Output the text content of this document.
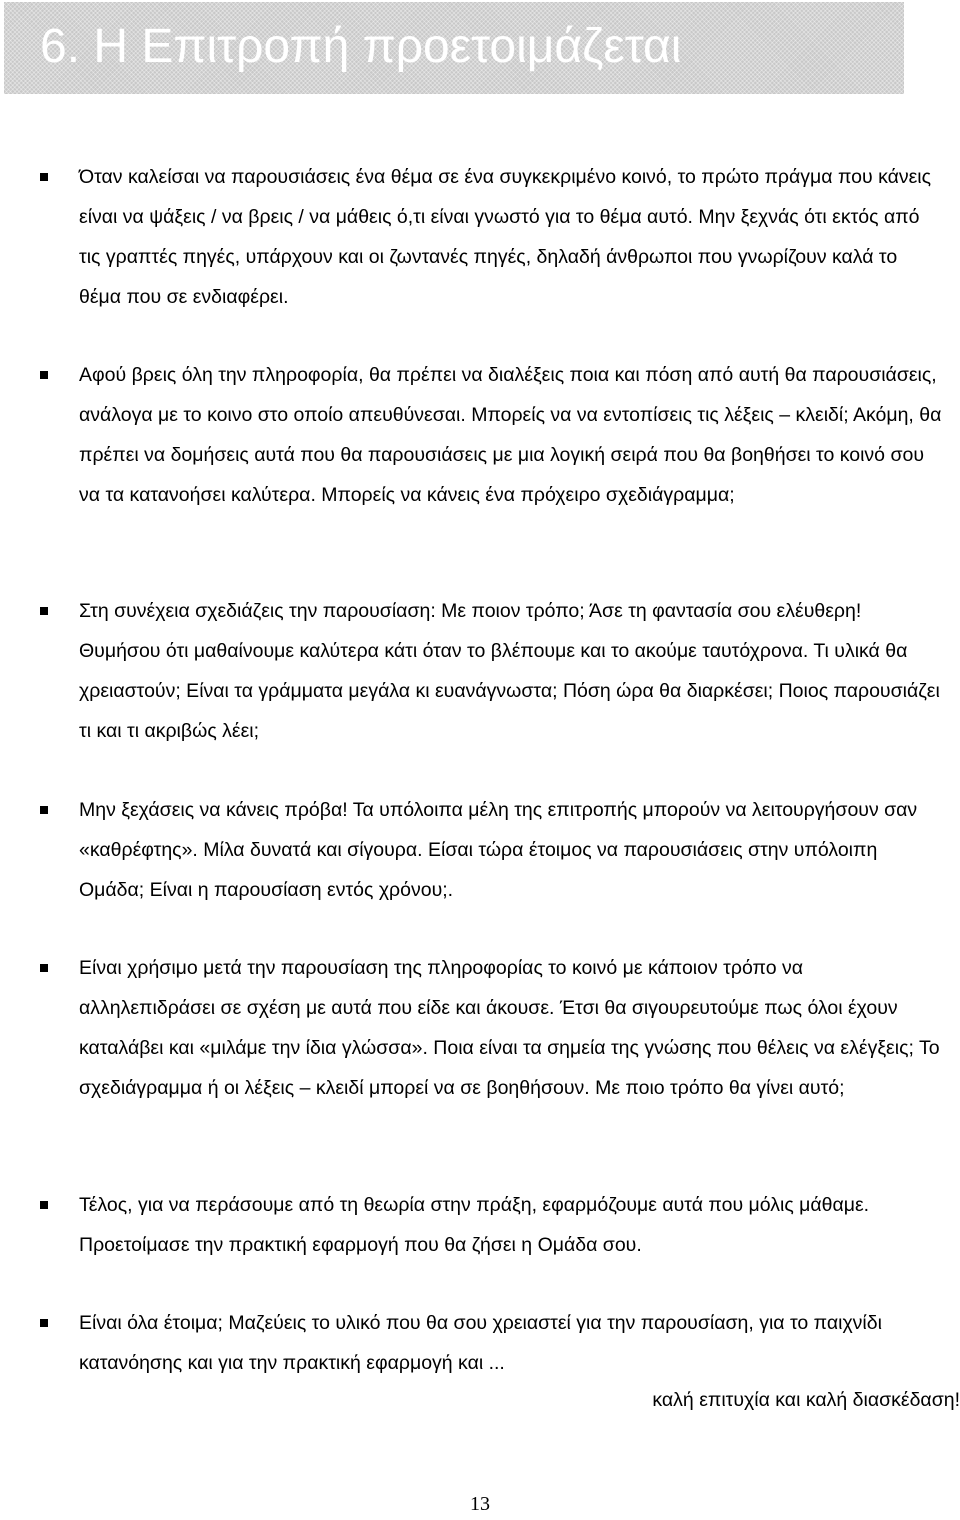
6. Η Επιτροπή προετοιμάζεται
Όταν καλείσαι να παρουσιάσεις ένα θέμα σε ένα συγκεκριμένο κοινό, το πρώτο πράγμα που κάνεις είναι να ψάξεις / να βρεις / να μάθεις ό,τι είναι γνωστό για το θέμα αυτό. Μην ξεχνάς ότι εκτός από τις γραπτές πηγές, υπάρχουν και οι ζωντανές πηγές, δηλαδή άνθρωποι που γνωρίζουν καλά το θέμα που σε ενδιαφέρει.
Αφού βρεις όλη την πληροφορία, θα πρέπει να διαλέξεις ποια και πόση από αυτή θα παρουσιάσεις, ανάλογα με το κοινο στο οποίο απευθύνεσαι. Μπορείς να να εντοπίσεις τις λέξεις – κλειδί; Ακόμη, θα πρέπει να δομήσεις αυτά που θα παρουσιάσεις με μια λογική σειρά που θα βοηθήσει το κοινό σου να τα κατανοήσει καλύτερα. Μπορείς να κάνεις ένα πρόχειρο σχεδιάγραμμα;
Στη συνέχεια σχεδιάζεις την παρουσίαση: Με ποιον τρόπο; Άσε τη φαντασία σου ελέυθερη! Θυμήσου ότι μαθαίνουμε καλύτερα κάτι όταν το βλέπουμε και το ακούμε ταυτόχρονα. Τι υλικά θα χρειαστούν; Είναι τα γράμματα μεγάλα κι ευανάγνωστα; Πόση ώρα θα διαρκέσει; Ποιος παρουσιάζει τι και τι ακριβώς λέει;
Μην ξεχάσεις να κάνεις πρόβα! Τα υπόλοιπα μέλη της επιτροπής μπορούν να λειτουργήσουν σαν «καθρέφτης». Μίλα δυνατά και σίγουρα. Είσαι τώρα έτοιμος να παρουσιάσεις στην υπόλοιπη Ομάδα; Είναι η παρουσίαση εντός χρόνου;.
Είναι χρήσιμο μετά την παρουσίαση της πληροφορίας το κοινό με κάποιον τρόπο να αλληλεπιδράσει σε σχέση με αυτά που είδε και άκουσε. Έτσι θα σιγουρευτούμε πως όλοι έχουν καταλάβει και «μιλάμε την ίδια γλώσσα». Ποια είναι τα σημεία της γνώσης που θέλεις να ελέγξεις; Το σχεδιάγραμμα ή οι λέξεις – κλειδί μπορεί να σε βοηθήσουν. Με ποιο τρόπο θα γίνει αυτό;
Τέλος, για να περάσουμε από τη θεωρία στην πράξη, εφαρμόζουμε αυτά που μόλις μάθαμε. Προετοίμασε την πρακτική εφαρμογή που θα ζήσει η Ομάδα σου.
Είναι όλα έτοιμα; Μαζεύεις το υλικό που θα σου χρειαστεί για την παρουσίαση, για το παιχνίδι κατανόησης και για την πρακτική εφαρμογή και ...
καλή επιτυχία και καλή διασκέδαση!
13
